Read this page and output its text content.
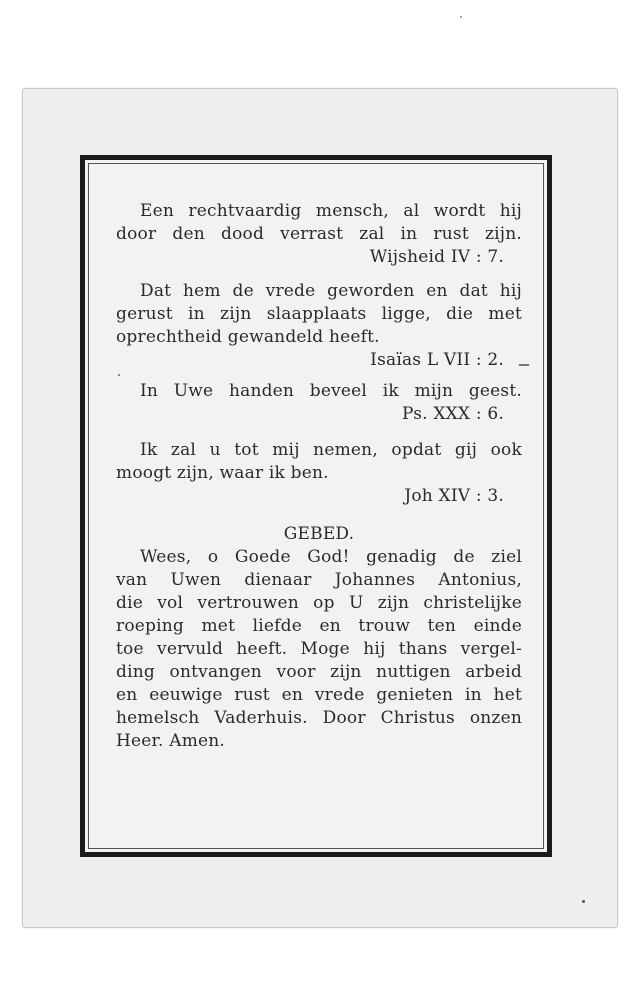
Een rechtvaardig mensch, al wordt hij
door den dood verrast zal in rust zijn.
Wijsheid IV : 7.
Dat hem de vrede geworden en dat hij
gerust in zijn slaapplaats ligge, die met
oprechtheid gewandeld heeft.
Isaïas L VII : 2.
In Uwe handen beveel ik mijn geest.
Ps. XXX : 6.
Ik zal u tot mij nemen, opdat gij ook
moogt zijn, waar ik ben.
Joh XIV : 3.
GEBED.
Wees, o Goede God! genadig de ziel
van Uwen dienaar Johannes Antonius,
die vol vertrouwen op U zijn christelijke
roeping met liefde en trouw ten einde
toe vervuld heeft. Moge hij thans vergel-
ding ontvangen voor zijn nuttigen arbeid
en eeuwige rust en vrede genieten in het
hemelsch Vaderhuis. Door Christus onzen
Heer. Amen.
